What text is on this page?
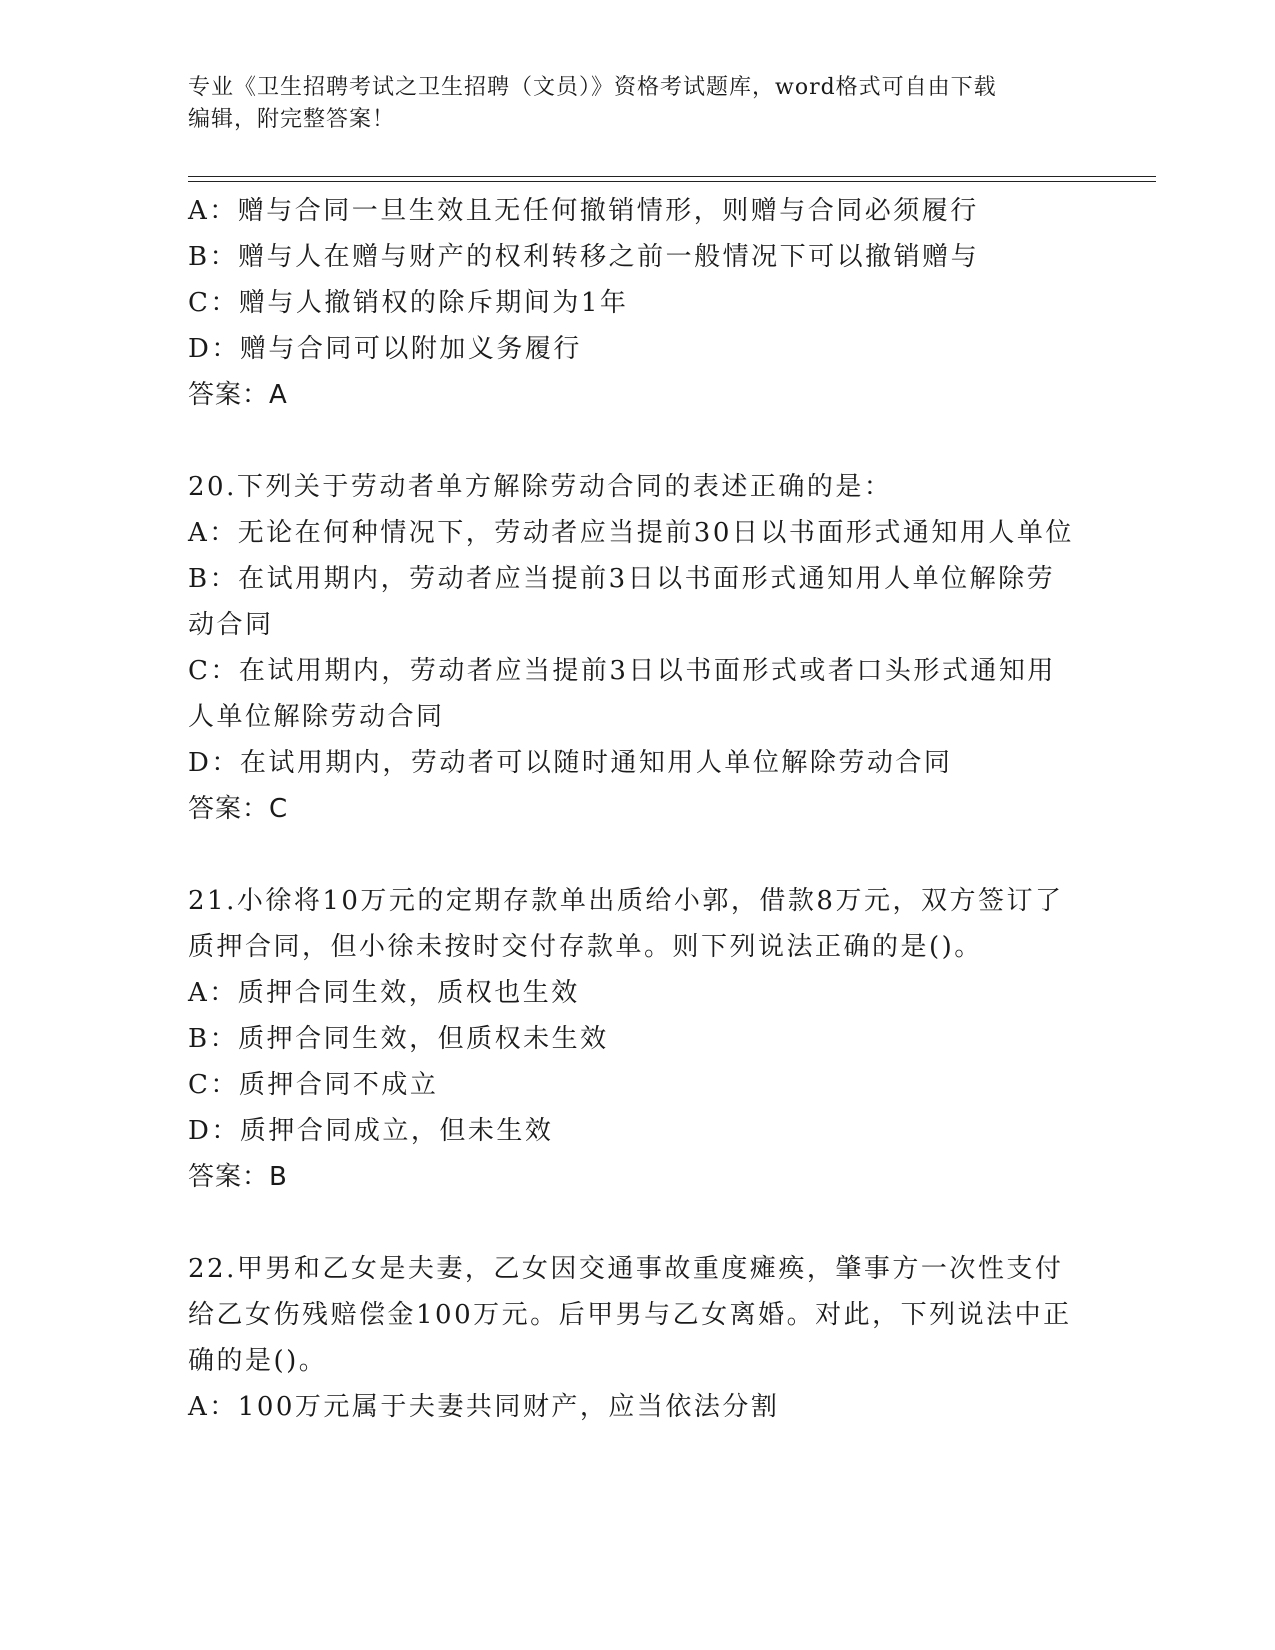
专业《卫生招聘考试之卫生招聘（文员）》资格考试题库，word格式可自由下载
编辑，附完整答案！

A：赠与合同一旦生效且无任何撤销情形，则赠与合同必须履行

B：赠与人在赠与财产的权利转移之前一般情况下可以撤销赠与

C：赠与人撤销权的除斥期间为1年

D：赠与合同可以附加义务履行

答案：A

20.下列关于劳动者单方解除劳动合同的表述正确的是：

A：无论在何种情况下，劳动者应当提前30日以书面形式通知用人单位

B：在试用期内，劳动者应当提前3日以书面形式通知用人单位解除劳动合同

C：在试用期内，劳动者应当提前3日以书面形式或者口头形式通知用人单位解除劳动合同

D：在试用期内，劳动者可以随时通知用人单位解除劳动合同

答案：C

21.小徐将10万元的定期存款单出质给小郭，借款8万元，双方签订了质押合同，但小徐未按时交付存款单。则下列说法正确的是()。

A：质押合同生效，质权也生效

B：质押合同生效，但质权未生效

C：质押合同不成立

D：质押合同成立，但未生效

答案：B

22.甲男和乙女是夫妻，乙女因交通事故重度瘫痪，肇事方一次性支付给乙女伤残赔偿金100万元。后甲男与乙女离婚。对此，下列说法中正确的是()。

A：100万元属于夫妻共同财产，应当依法分割
